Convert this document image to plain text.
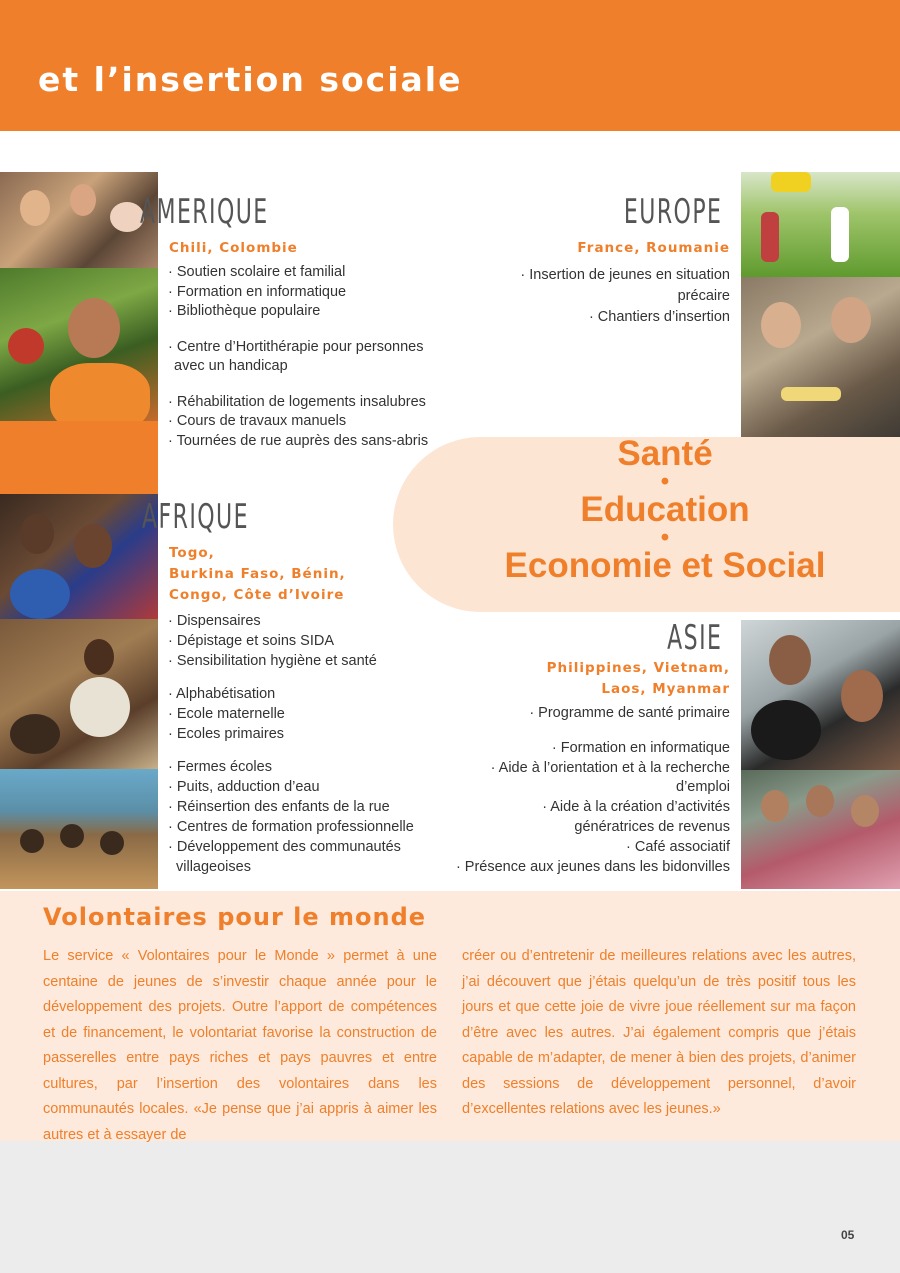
et l’insertion sociale
AMERIQUE
Chili, Colombie
· Soutien scolaire et familial
· Formation en informatique
· Bibliothèque populaire
· Centre d’Hortithérapie pour personnes
avec un handicap
· Réhabilitation de logements insalubres
· Cours de travaux manuels
· Tournées de rue auprès des sans-abris
EUROPE
France, Roumanie
· Insertion de jeunes en situation
précaire
· Chantiers d’insertion
Santé
•
Education
•
Economie et Social
AFRIQUE
Togo,
Burkina Faso, Bénin,
Congo, Côte d’Ivoire
· Dispensaires
· Dépistage et soins SIDA
· Sensibilitation hygiène et santé
· Alphabétisation
· Ecole maternelle
· Ecoles primaires
· Fermes écoles
· Puits, adduction d’eau
· Réinsertion des enfants de la rue
· Centres de formation professionnelle
· Développement des communautés
villageoises
ASIE
Philippines, Vietnam,
Laos, Myanmar
· Programme de santé primaire
· Formation en informatique
· Aide à l’orientation et à la recherche
d’emploi
· Aide à la création d’activités
génératrices de revenus
· Café associatif
· Présence aux jeunes dans les bidonvilles
Volontaires pour le monde
Le service « Volontaires pour le Monde » permet à une centaine de jeunes de s’investir chaque année pour le développement des projets. Outre l’apport de compétences et de financement, le volontariat favorise la construction de passerelles entre pays riches et pays pauvres et entre cultures, par l’insertion des volontaires dans les communautés locales. «Je pense que j’ai appris à aimer les autres et à essayer de
créer ou d’entretenir de meilleures relations avec les autres, j’ai découvert que j’étais quelqu’un de très positif tous les jours et que cette joie de vivre joue réellement sur ma façon d’être avec les autres. J’ai également compris que j’étais capable de m’adapter, de mener à bien des projets, d’animer des sessions de développement personnel, d’avoir d’excellentes relations avec les jeunes.»
05
